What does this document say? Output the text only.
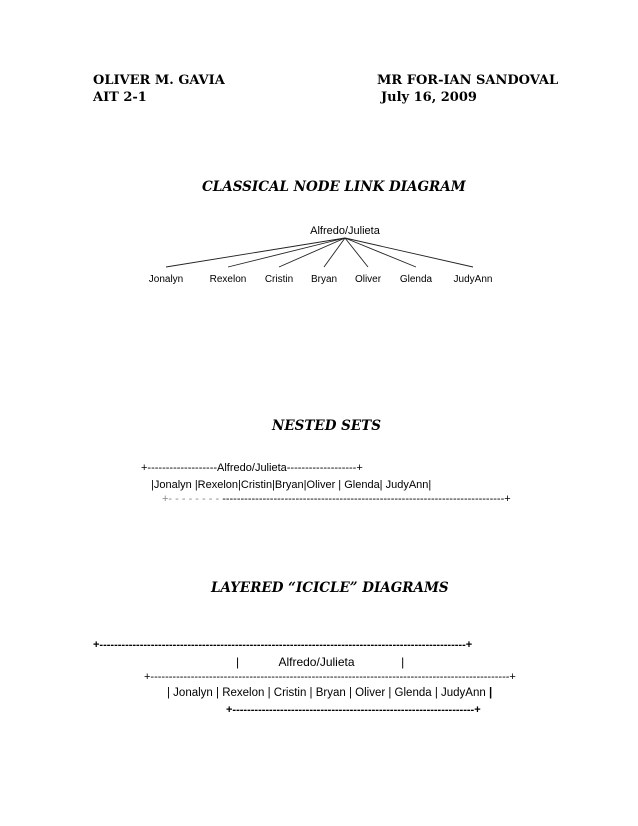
OLIVER M. GAVIA
AIT 2-1
MR FOR-IAN SANDOVAL
July 16, 2009
CLASSICAL NODE LINK DIAGRAM
Alfredo/Julieta
Jonalyn	Rexelon Cristin Bryan Oliver Glenda JudyAnn
NESTED SETS
+-------------------Alfredo/Julieta-------------------+
|Jonalyn |Rexelon|Cristin|Bryan|Oliver | Glenda| JudyAnn|
+- - - - - - - - -----------------------------------------------------------------------------+
LAYERED “ICICLE” DIAGRAMS
+----------------------------------------------------------------------------------------------------+
|            Alfredo/Julieta              |
+--------------------------------------------------------------------------------------------------+
| Jonalyn | Rexelon | Cristin | Bryan | Oliver | Glenda | JudyAnn |
+------------------------------------------------------------------+
